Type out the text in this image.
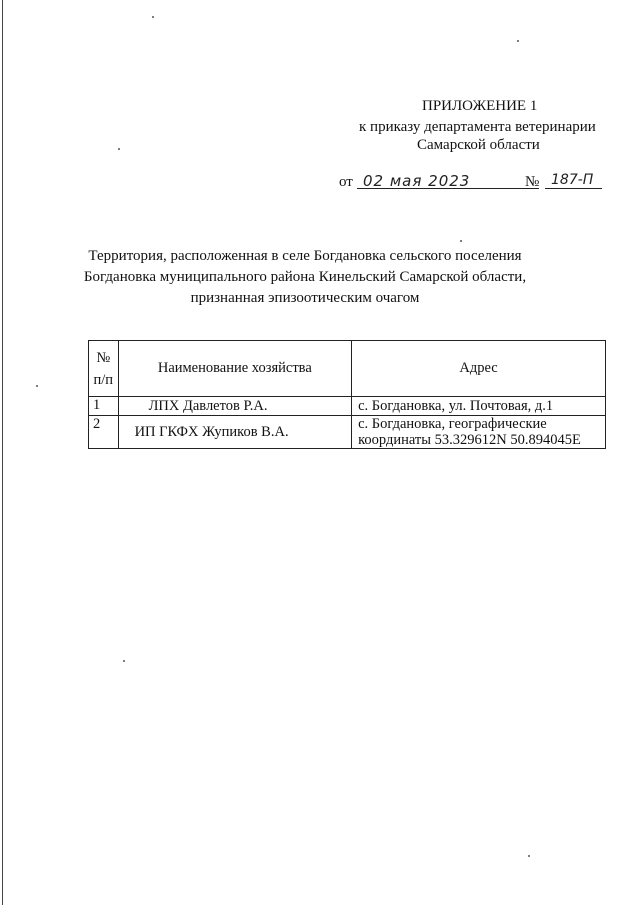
ПРИЛОЖЕНИЕ 1
к приказу департамента ветеринарии
Самарской области
от 02 мая 2023	№ 187-П
Территория, расположенная в селе Богдановка сельского поселения
Богдановка муниципального района Кинельский Самарской области,
признанная эпизоотическим очагом
№
п/п	Наименование хозяйства	Адрес
1	ЛПХ Давлетов Р.А.	с. Богдановка, ул. Почтовая, д.1

2	ИП ГКФХ Жупиков В.А.	с. Богдановка, географические
координаты 53.329612N 50.894045E
